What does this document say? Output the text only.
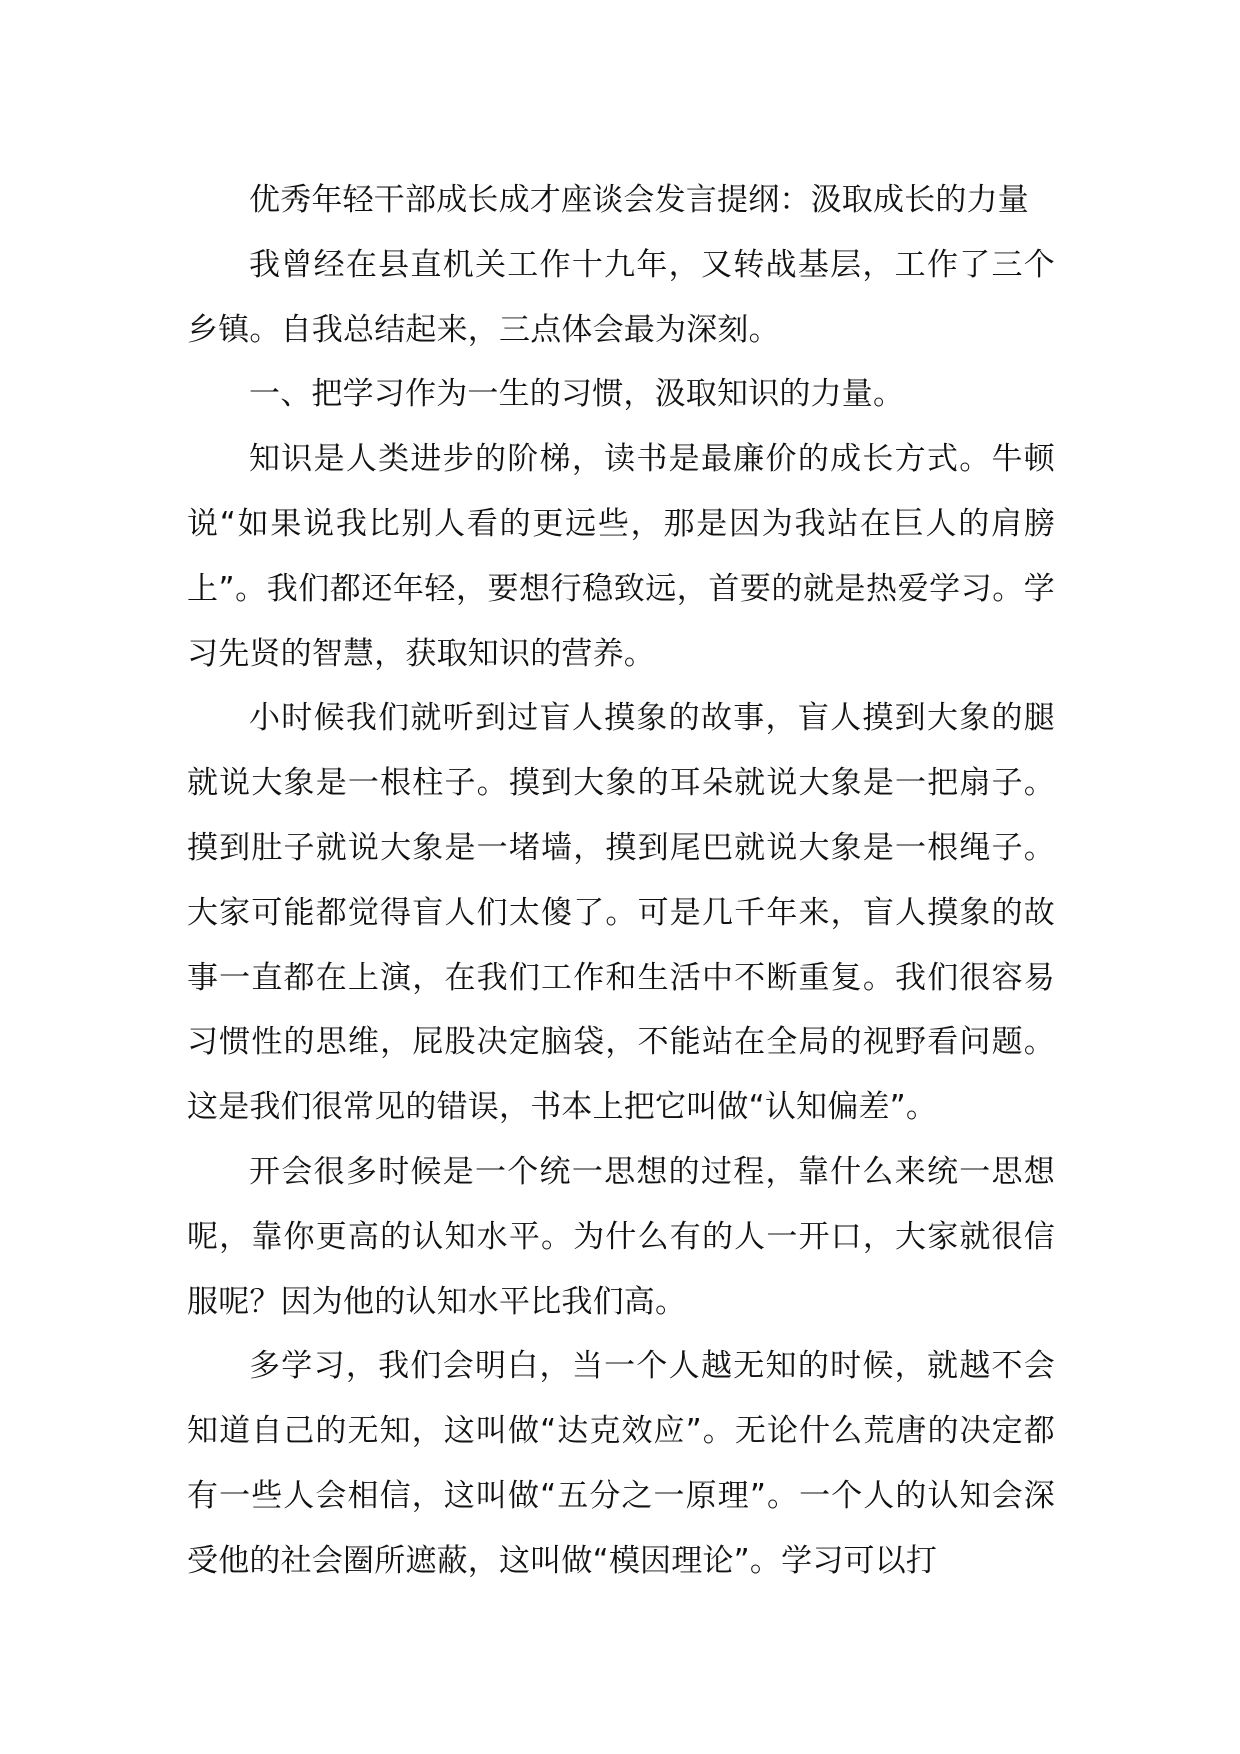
优秀年轻干部成长成才座谈会发言提纲：汲取成长的力量

我曾经在县直机关工作十九年，又转战基层，工作了三个乡镇。自我总结起来，三点体会最为深刻。

一、把学习作为一生的习惯，汲取知识的力量。

知识是人类进步的阶梯，读书是最廉价的成长方式。牛顿说“如果说我比别人看的更远些，那是因为我站在巨人的肩膀上”。我们都还年轻，要想行稳致远，首要的就是热爱学习。学习先贤的智慧，获取知识的营养。

小时候我们就听到过盲人摸象的故事，盲人摸到大象的腿就说大象是一根柱子。摸到大象的耳朵就说大象是一把扇子。摸到肚子就说大象是一堵墙，摸到尾巴就说大象是一根绳子。大家可能都觉得盲人们太傻了。可是几千年来，盲人摸象的故事一直都在上演，在我们工作和生活中不断重复。我们很容易习惯性的思维，屁股决定脑袋，不能站在全局的视野看问题。这是我们很常见的错误，书本上把它叫做“认知偏差”。

开会很多时候是一个统一思想的过程，靠什么来统一思想呢，靠你更高的认知水平。为什么有的人一开口，大家就很信服呢？因为他的认知水平比我们高。

多学习，我们会明白，当一个人越无知的时候，就越不会知道自己的无知，这叫做“达克效应”。无论什么荒唐的决定都有一些人会相信，这叫做“五分之一原理”。一个人的认知会深受他的社会圈所遮蔽，这叫做“模因理论”。学习可以打
